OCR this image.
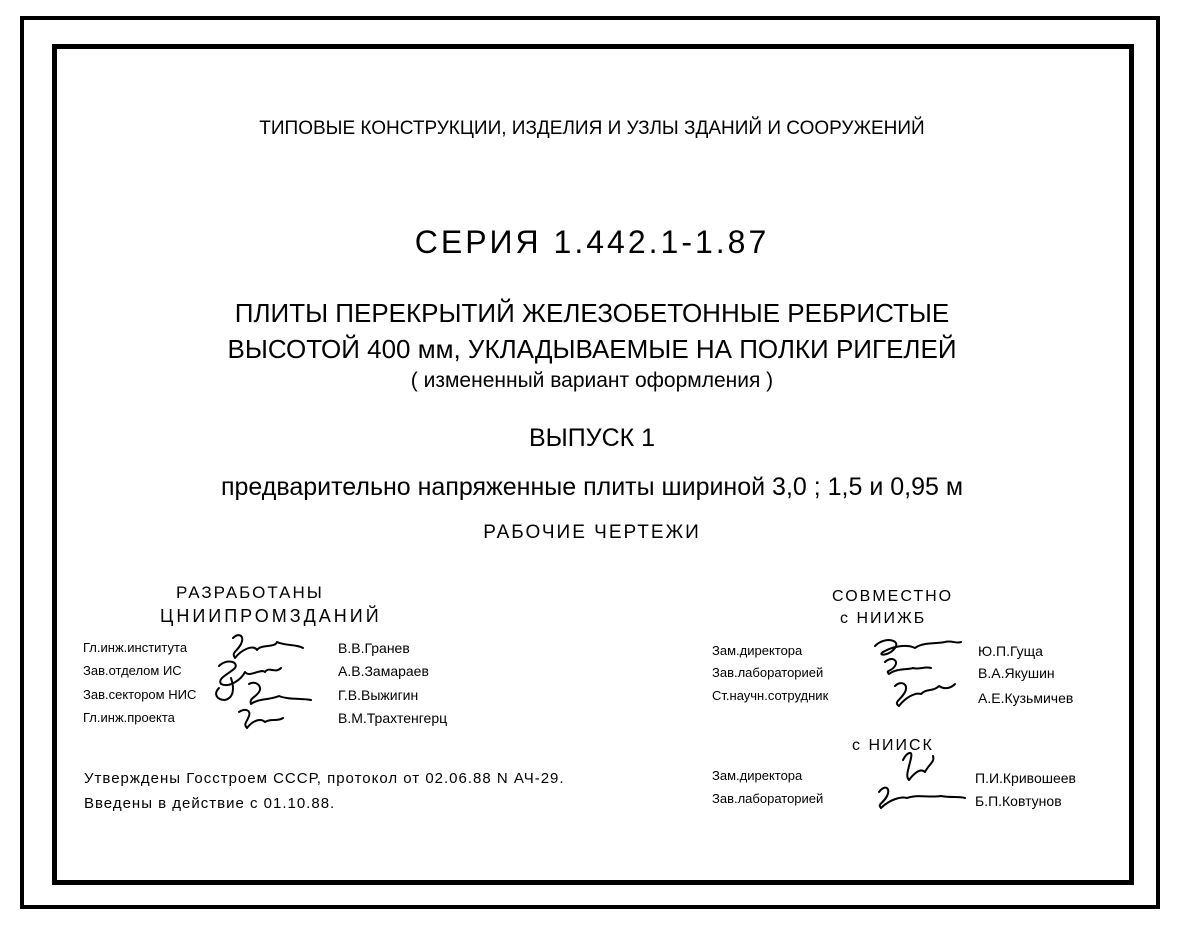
ТИПОВЫЕ КОНСТРУКЦИИ, ИЗДЕЛИЯ И УЗЛЫ ЗДАНИЙ И СООРУЖЕНИЙ
СЕРИЯ 1.442.1-1.87
ПЛИТЫ ПЕРЕКРЫТИЙ ЖЕЛЕЗОБЕТОННЫЕ РЕБРИСТЫЕ
ВЫСОТОЙ 400 мм, УКЛАДЫВАЕМЫЕ НА ПОЛКИ РИГЕЛЕЙ
( измененный вариант оформления )
ВЫПУСК 1
предварительно напряженные плиты шириной 3,0 ; 1,5 и 0,95 м
РАБОЧИЕ ЧЕРТЕЖИ
РАЗРАБОТАНЫ
ЦНИИПРОМЗДАНИЙ
Гл.инж.института
Зав.отделом ИС
Зав.сектором НИС
Гл.инж.проекта
В.В.Гранев
А.В.Замараев
Г.В.Выжигин
В.М.Трахтенгерц
СОВМЕСТНО
с НИИЖБ
Зам.директора
Зав.лабораторией
Ст.научн.сотрудник
Ю.П.Гуща
В.А.Якушин
А.Е.Кузьмичев
с НИИСК
Зам.директора
Зав.лабораторией
П.И.Кривошеев
Б.П.Ковтунов
Утверждены Госстроем СССР, протокол от 02.06.88 N АЧ-29.
Введены в действие с 01.10.88.
